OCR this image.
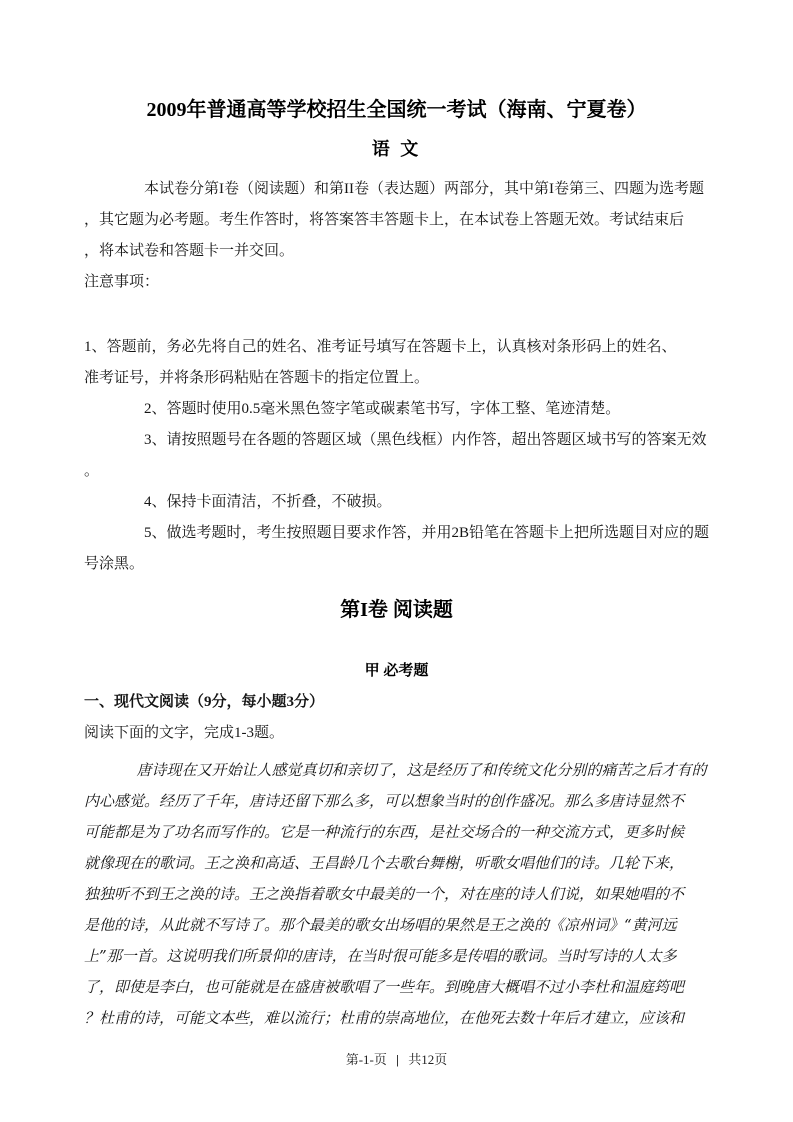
2009年普通高等学校招生全国统一考试（海南、宁夏卷）
语 文

本试卷分第I卷（阅读题）和第II卷（表达题）两部分，其中第I卷第三、四题为选考题

，其它题为必考题。考生作答时，将答案答丰答题卡上，在本试卷上答题无效。考试结束后

，将本试卷和答题卡一并交回。

注意事项：

1、答题前，务必先将自己的姓名、准考证号填写在答题卡上，认真核对条形码上的姓名、

准考证号，并将条形码粘贴在答题卡的指定位置上。

2、答题时使用0.5毫米黑色签字笔或碳素笔书写，字体工整、笔迹清楚。

3、请按照题号在各题的答题区域（黑色线框）内作答，超出答题区域书写的答案无效

。

4、保持卡面清洁，不折叠，不破损。

5、做选考题时，考生按照题目要求作答，并用2B铅笔在答题卡上把所选题目对应的题

号涂黑。

第I卷 阅读题
甲 必考题

一、现代文阅读（9分，每小题3分）

阅读下面的文字，完成1-3题。

唐诗现在又开始让人感觉真切和亲切了，这是经历了和传统文化分别的痛苦之后才有的

内心感觉。经历了千年，唐诗还留下那么多，可以想象当时的创作盛况。那么多唐诗显然不

可能都是为了功名而写作的。它是一种流行的东西，是社交场合的一种交流方式，更多时候

就像现在的歌词。王之涣和高适、王昌龄几个去歌台舞榭，听歌女唱他们的诗。几轮下来，

独独听不到王之涣的诗。王之涣指着歌女中最美的一个，对在座的诗人们说，如果她唱的不

是他的诗，从此就不写诗了。那个最美的歌女出场唱的果然是王之涣的《凉州词》“黄河远

上”那一首。这说明我们所景仰的唐诗，在当时很可能多是传唱的歌词。当时写诗的人太多

了，即使是李白，也可能就是在盛唐被歌唱了一些年。到晚唐大概唱不过小李杜和温庭筠吧

？杜甫的诗，可能文本些，难以流行；杜甫的崇高地位，在他死去数十年后才建立，应该和

第-1-页 | 共12页
